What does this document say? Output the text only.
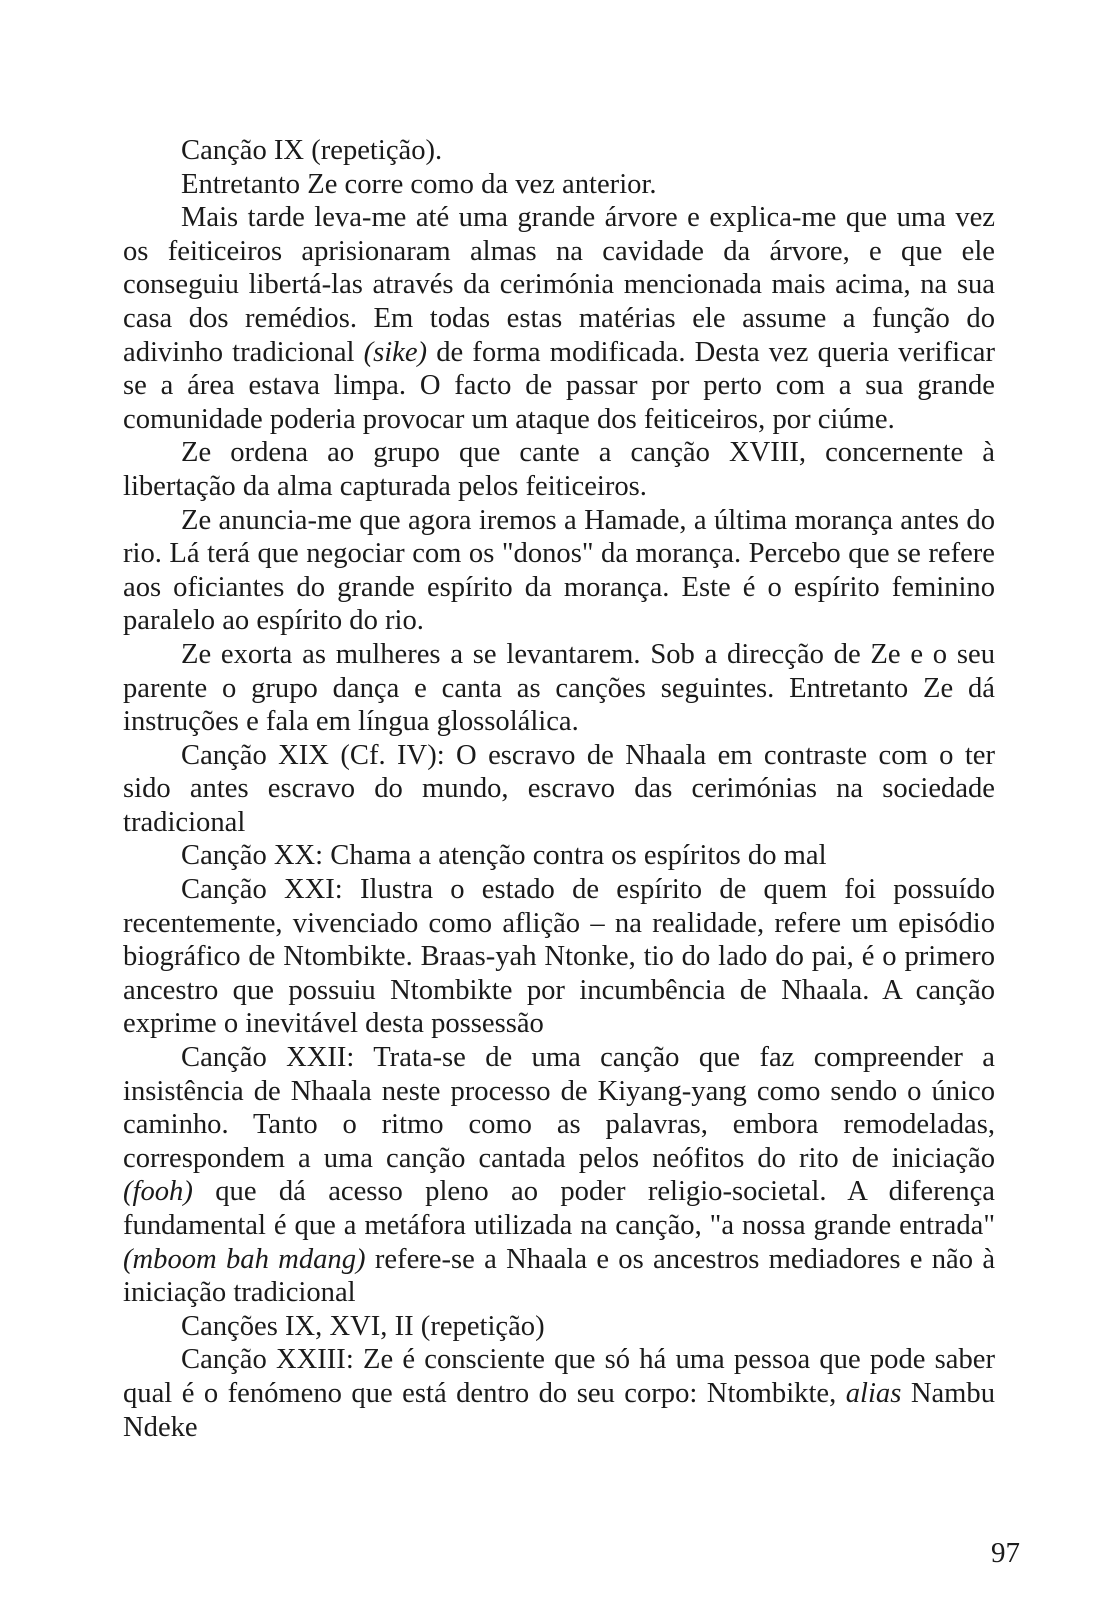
Canção IX (repetição).

Entretanto Ze corre como da vez anterior.

Mais tarde leva-me até uma grande árvore e explica-me que uma vez os feiticeiros aprisionaram almas na cavidade da árvore, e que ele conseguiu libertá-las através da cerimónia mencionada mais acima, na sua casa dos remédios. Em todas estas matérias ele assume a função do adivinho tradicional (sike) de forma modificada. Desta vez queria verificar se a área estava limpa. O facto de passar por perto com a sua grande comunidade poderia provocar um ataque dos feiticeiros, por ciúme.

Ze ordena ao grupo que cante a canção XVIII, concernente à libertação da alma capturada pelos feiticeiros.

Ze anuncia-me que agora iremos a Hamade, a última morança antes do rio. Lá terá que negociar com os "donos" da morança. Percebo que se refere aos oficiantes do grande espírito da morança. Este é o espírito feminino paralelo ao espírito do rio.

Ze exorta as mulheres a se levantarem. Sob a direcção de Ze e o seu parente o grupo dança e canta as canções seguintes. Entretanto Ze dá instruções e fala em língua glossolálica.

Canção XIX (Cf. IV): O escravo de Nhaala em contraste com o ter sido antes escravo do mundo, escravo das cerimónias na sociedade tradicional

Canção XX: Chama a atenção contra os espíritos do mal

Canção XXI: Ilustra o estado de espírito de quem foi possuído recentemente, vivenciado como aflição – na realidade, refere um episódio biográfico de Ntombikte. Braas-yah Ntonke, tio do lado do pai, é o primero ancestro que possuiu Ntombikte por incumbência de Nhaala. A canção exprime o inevitável desta possessão

Canção XXII: Trata-se de uma canção que faz compreender a insistência de Nhaala neste processo de Kiyang-yang como sendo o único caminho. Tanto o ritmo como as palavras, embora remodeladas, correspondem a uma canção cantada pelos neófitos do rito de iniciação (fooh) que dá acesso pleno ao poder religio-societal. A diferença fundamental é que a metáfora utilizada na canção, "a nossa grande entrada" (mboom bah mdang) refere-se a Nhaala e os ancestros mediadores e não à iniciação tradicional

Canções IX, XVI, II (repetição)

Canção XXIII: Ze é consciente que só há uma pessoa que pode saber qual é o fenómeno que está dentro do seu corpo: Ntombikte, alias Nambu Ndeke

97
